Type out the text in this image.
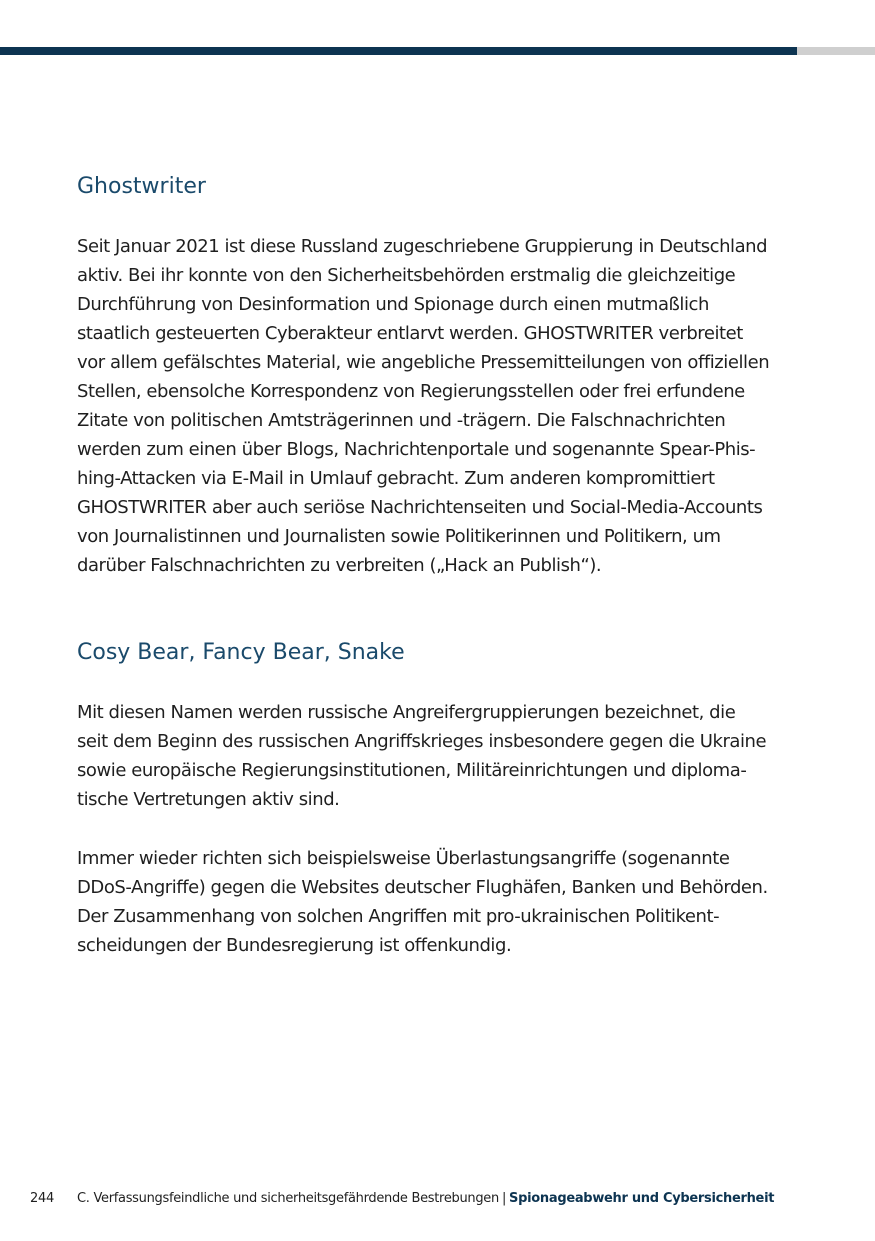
Ghostwriter
Seit Januar 2021 ist diese Russland zugeschriebene Gruppierung in Deutschland
aktiv. Bei ihr konnte von den Sicherheitsbehörden erstmalig die gleichzeitige
Durchführung von Desinformation und Spionage durch einen mutmaßlich
staatlich gesteuerten Cyberakteur entlarvt werden. GHOSTWRITER verbreitet
vor allem gefälschtes Material, wie angebliche Pressemitteilungen von offiziellen
Stellen, ebensolche Korrespondenz von Regierungsstellen oder frei erfundene
Zitate von politischen Amtsträgerinnen und -trägern. Die Falschnachrichten
werden zum einen über Blogs, Nachrichtenportale und sogenannte Spear-Phis-
hing-Attacken via E-Mail in Umlauf gebracht. Zum anderen kompromittiert
GHOSTWRITER aber auch seriöse Nachrichtenseiten und Social-Media-Accounts
von Journalistinnen und Journalisten sowie Politikerinnen und Politikern, um
darüber Falschnachrichten zu verbreiten („Hack an Publish“).
Cosy Bear, Fancy Bear, Snake
Mit diesen Namen werden russische Angreifergruppierungen bezeichnet, die
seit dem Beginn des russischen Angriffskrieges insbesondere gegen die Ukraine
sowie europäische Regierungsinstitutionen, Militäreinrichtungen und diploma-
tische Vertretungen aktiv sind.
Immer wieder richten sich beispielsweise Überlastungsangriffe (sogenannte
DDoS-Angriffe) gegen die Websites deutscher Flughäfen, Banken und Behörden.
Der Zusammenhang von solchen Angriffen mit pro-ukrainischen Politikent-
scheidungen der Bundesregierung ist offenkundig.
244 C. Verfassungsfeindliche und sicherheitsgefährdende Bestrebungen | Spionageabwehr und Cybersicherheit
